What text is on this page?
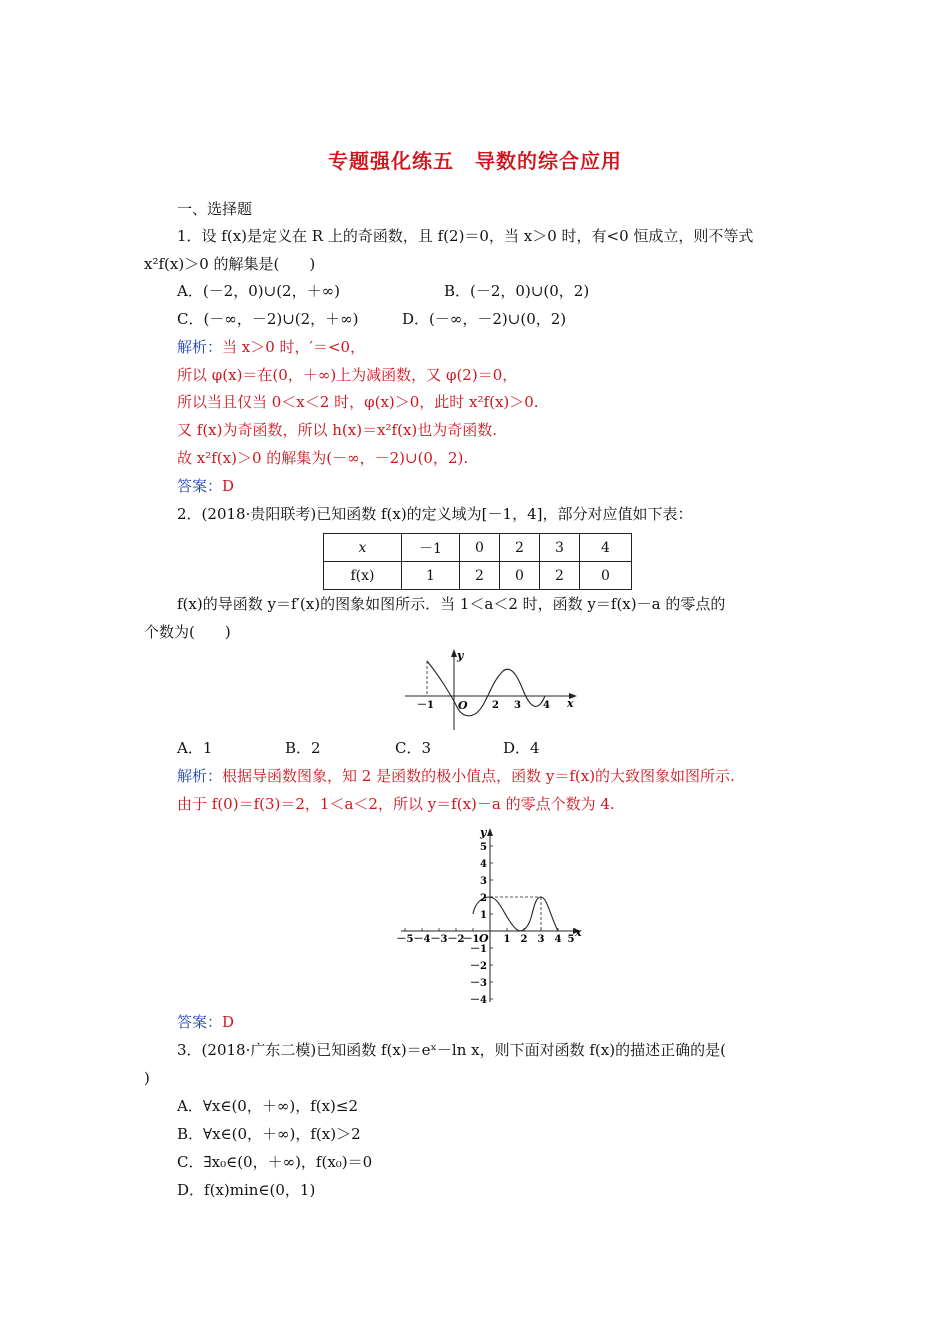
专题强化练五　导数的综合应用
一、选择题
1．设 f(x)是定义在 R 上的奇函数，且 f(2)＝0，当 x＞0 时，有<0 恒成立，则不等式
x²f(x)＞0 的解集是(　　)
A．(－2，0)∪(2，＋∞)	B．(－2，0)∪(0，2)
C．(－∞，－2)∪(2，＋∞)	D．(－∞，－2)∪(0，2)
解析：当 x＞0 时，′＝<0，
所以 φ(x)＝在(0，＋∞)上为减函数，又 φ(2)＝0，
所以当且仅当 0＜x＜2 时，φ(x)＞0，此时 x²f(x)＞0.
又 f(x)为奇函数，所以 h(x)＝x²f(x)也为奇函数.
故 x²f(x)＞0 的解集为(－∞，－2)∪(0，2).
答案：D
2．(2018·贵阳联考)已知函数 f(x)的定义域为[－1，4]，部分对应值如下表：
x	－1	0	2	3	4
f(x)	1	2	0	2	0
f(x)的导函数 y＝f′(x)的图象如图所示．当 1＜a＜2 时，函数 y＝f(x)－a 的零点的
个数为(　　)
y
x
O
－1	2 3 4
A．1	B．2	C．3	D．4
解析：根据导函数图象，知 2 是函数的极小值点，函数 y＝f(x)的大致图象如图所示.
由于 f(0)＝f(3)＝2，1＜a＜2，所以 y＝f(x)－a 的零点个数为 4.
y
x
O
－5 －4 －3 －2
－1 1 2 3 4 5
5
4
3
2
1
－1
－2
－3
－4
答案：D
3．(2018·广东二模)已知函数 f(x)＝eˣ－ln x，则下面对函数 f(x)的描述正确的是(
)
A．∀x∈(0，＋∞)，f(x)≤2
B．∀x∈(0，＋∞)，f(x)＞2
C．∃x₀∈(0，＋∞)，f(x₀)＝0
D．f(x)min∈(0，1)
